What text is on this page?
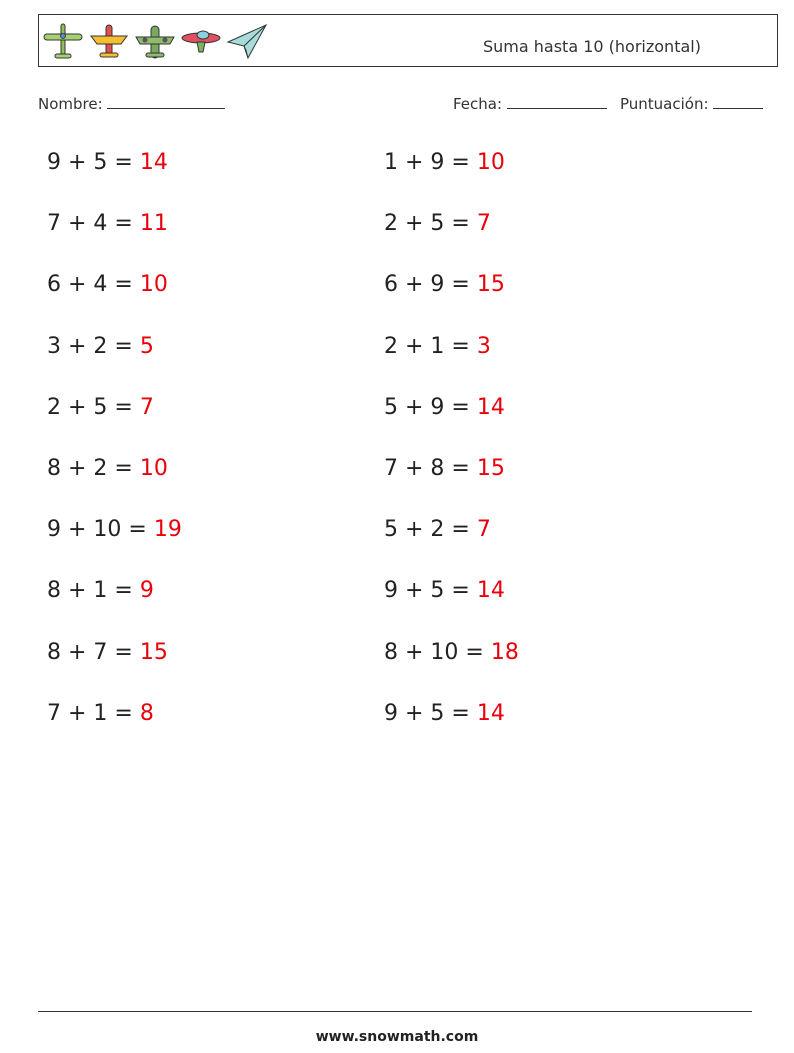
Suma hasta 10 (horizontal)
Nombre:	Fecha:	Puntuación:
9 + 5 = 14
7 + 4 = 11
6 + 4 = 10
3 + 2 = 5
2 + 5 = 7
8 + 2 = 10
9 + 10 = 19
8 + 1 = 9
8 + 7 = 15
7 + 1 = 8
1 + 9 = 10
2 + 5 = 7
6 + 9 = 15
2 + 1 = 3
5 + 9 = 14
7 + 8 = 15
5 + 2 = 7
9 + 5 = 14
8 + 10 = 18
9 + 5 = 14
www.snowmath.com
